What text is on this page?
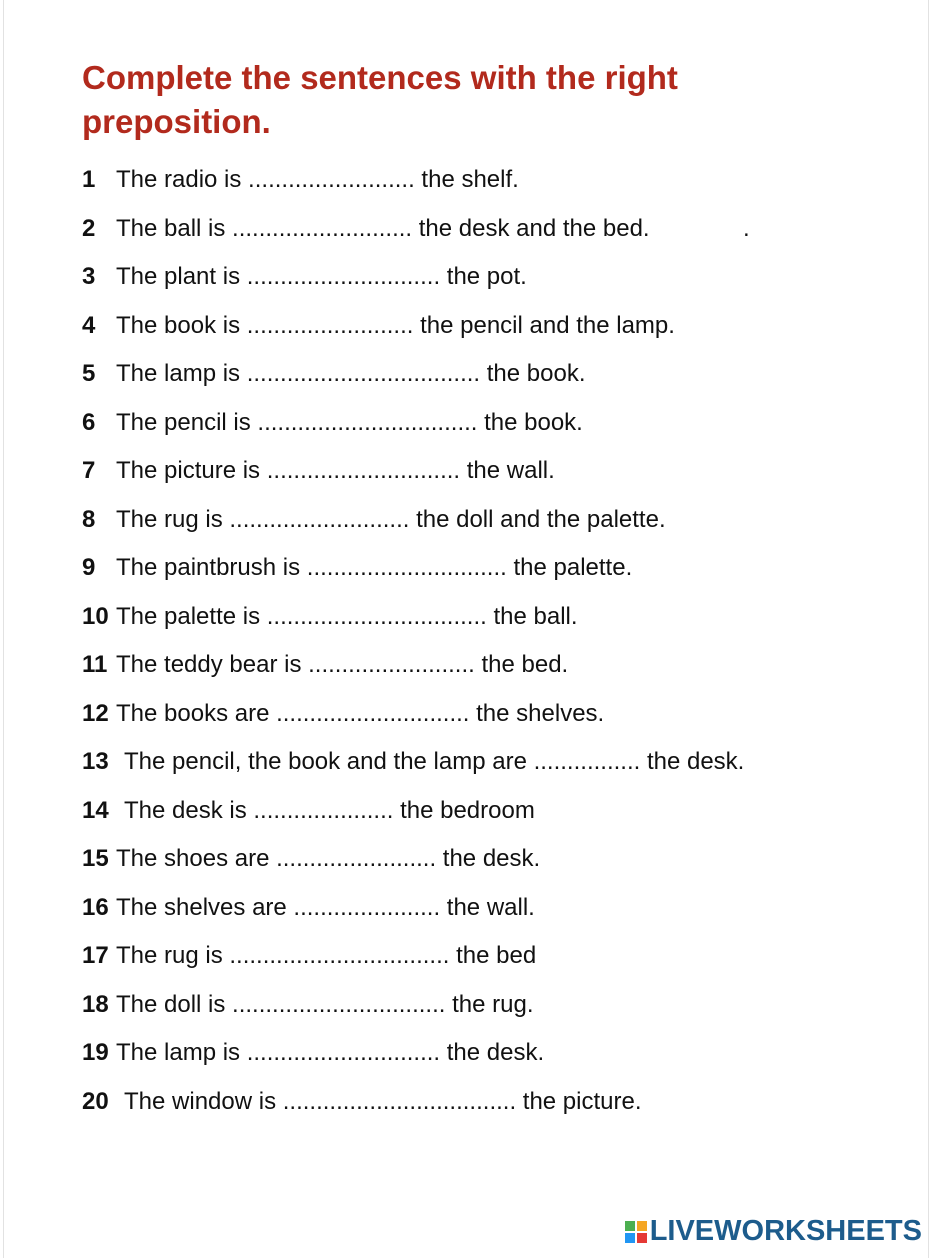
Complete the sentences with the right preposition.
1 The radio is ......................... the shelf.
2 The ball is ........................... the desk and the bed.              .
3 The plant is ............................. the pot.
4 The book is ......................... the pencil and the lamp.
5 The lamp is ................................... the book.
6 The pencil is ................................. the book.
7 The picture is ............................. the wall.
8 The rug is ........................... the doll and the palette.
9 The paintbrush is .............................. the palette.
10 The palette is ................................. the ball.
11 The teddy bear is ......................... the bed.
12 The books are ............................. the shelves.
13 The pencil, the book and the lamp are ................ the desk.
14 The desk is ..................... the bedroom
15 The shoes are ........................ the desk.
16 The shelves are ...................... the wall.
17 The rug is ................................. the bed
18 The doll is ................................ the rug.
19 The lamp is ............................. the desk.
20 The window is ................................... the picture.
LIVEWORKSHEETS
